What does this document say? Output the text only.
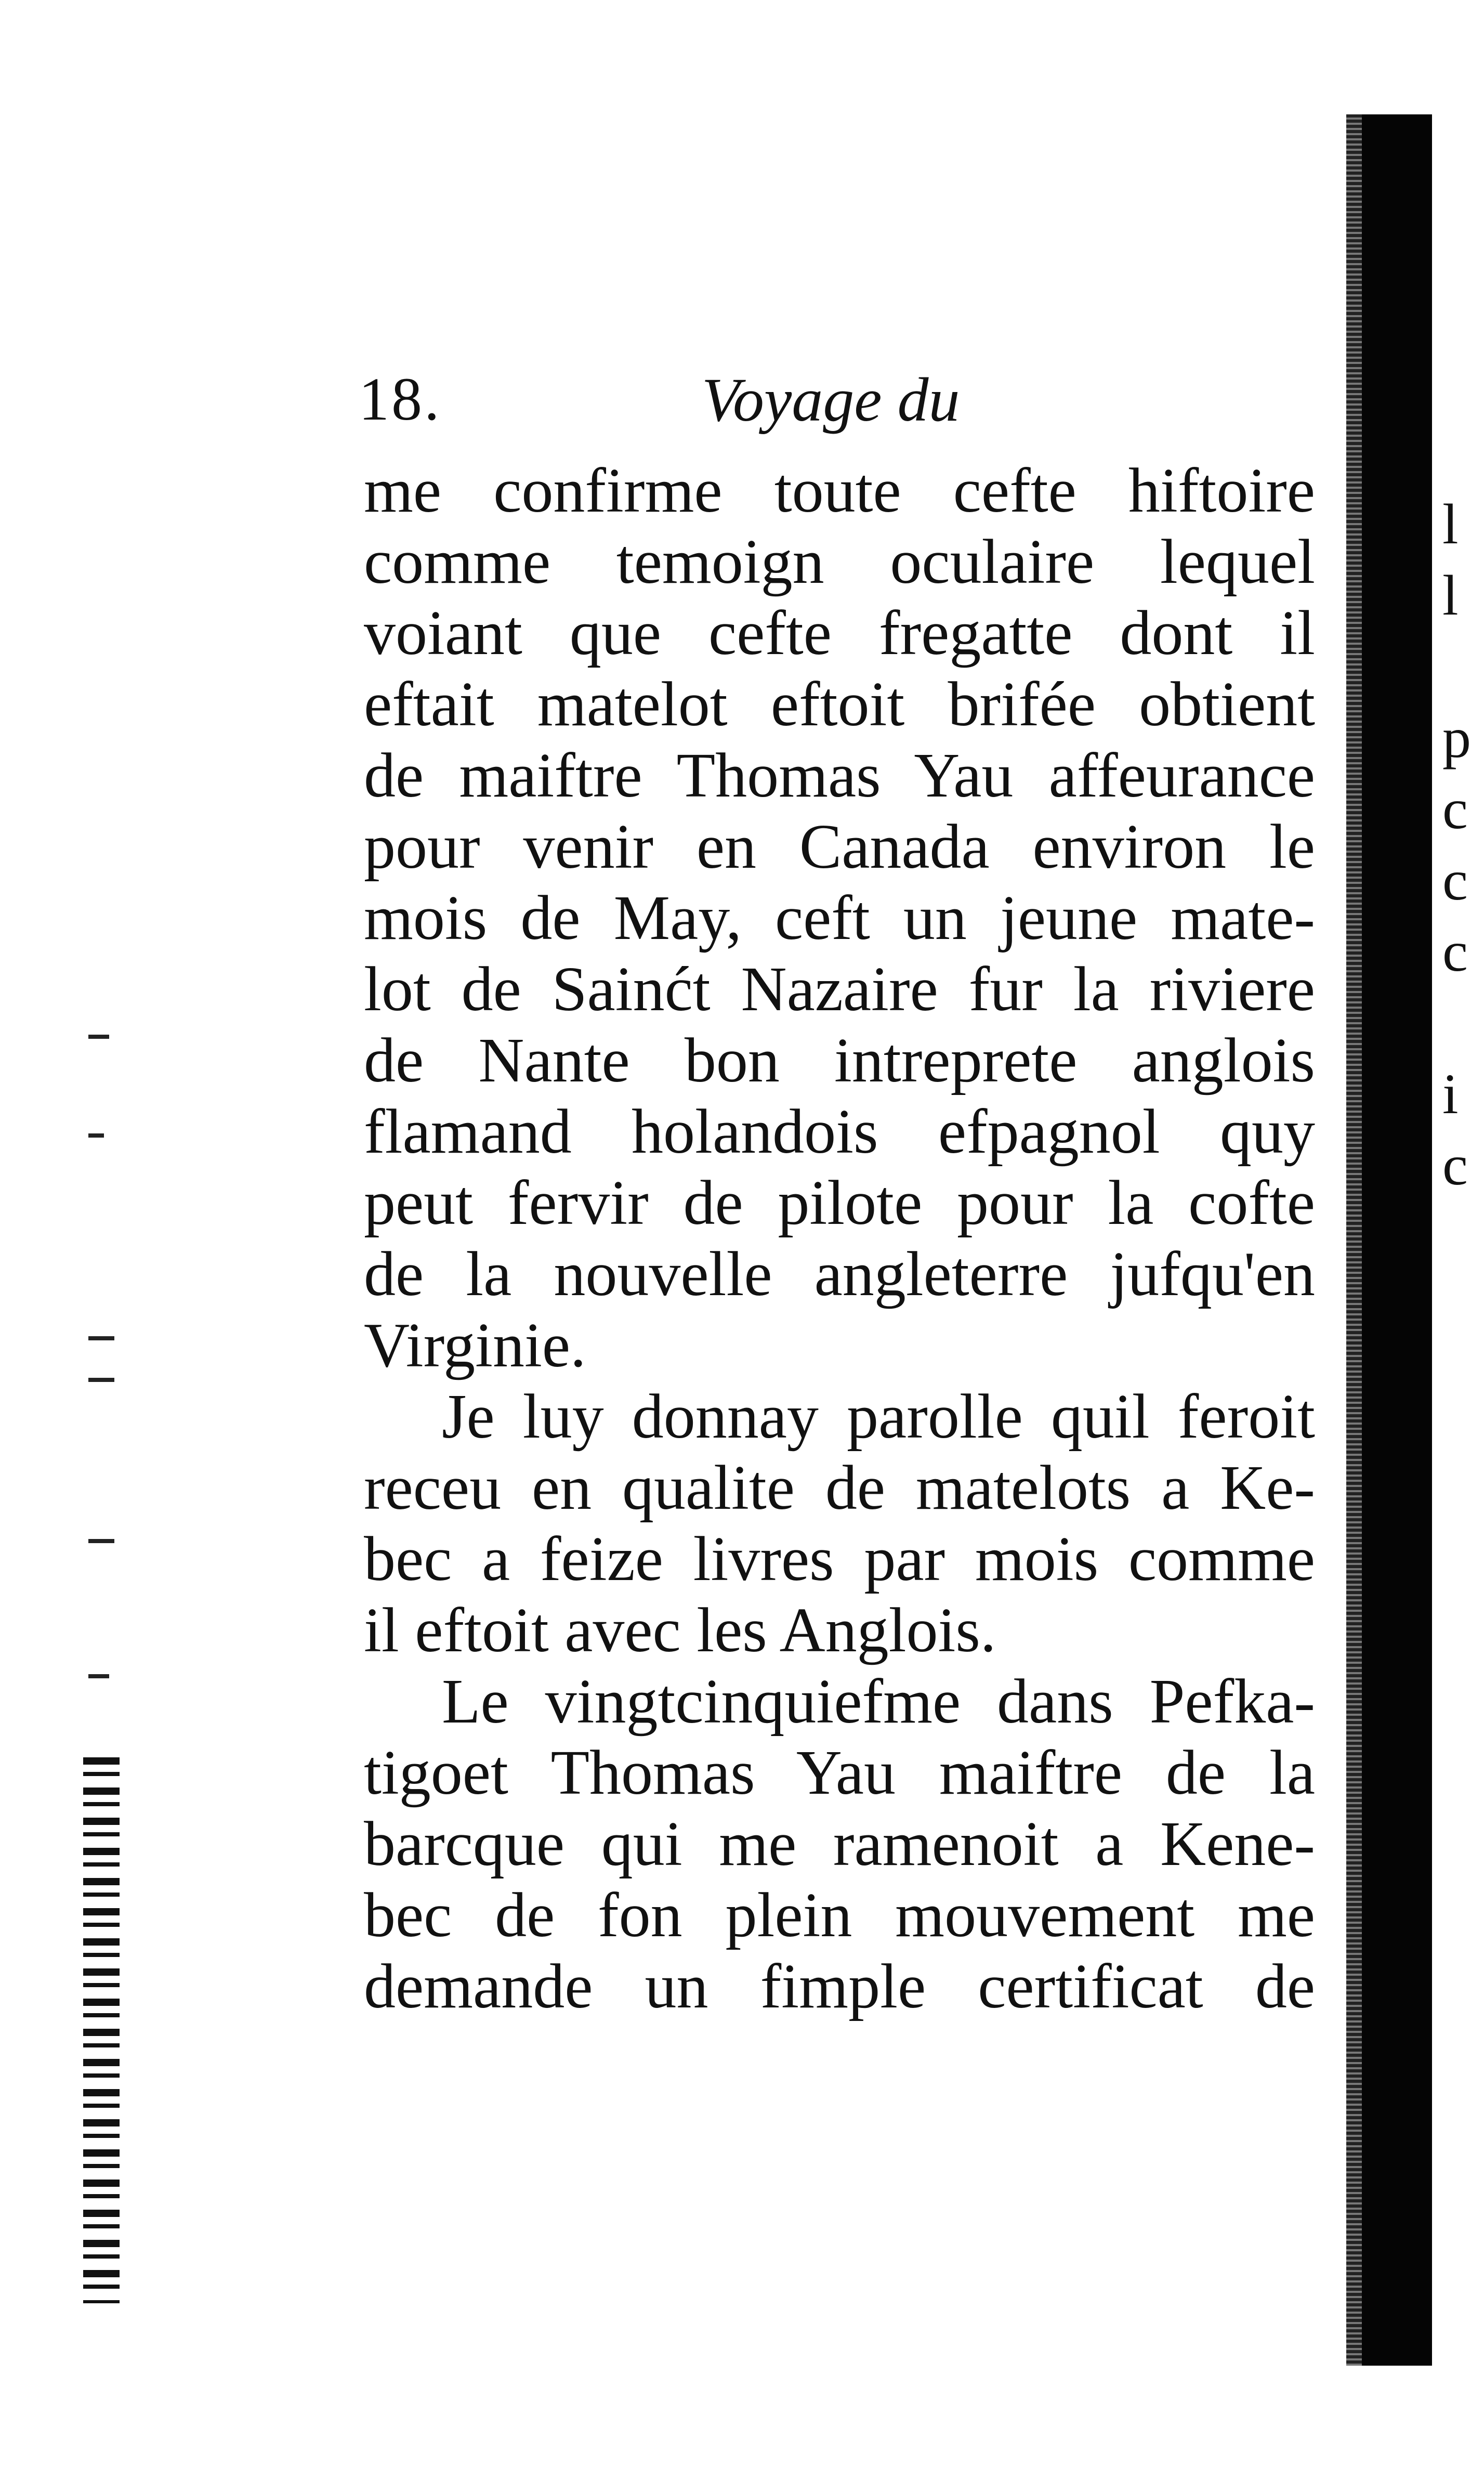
18.	Voyage du
me confirme toute cefte hiftoire
comme temoign oculaire lequel
voiant que cefte fregatte dont il
eftait matelot eftoit brifée obtient
de maiftre Thomas Yau affeurance
pour venir en Canada environ le
mois de May, ceft un jeune mate-
lot de Sainćt Nazaire fur la riviere
de Nante bon intreprete anglois
flamand holandois efpagnol quy
peut fervir de pilote pour la cofte
de la nouvelle angleterre jufqu'en
Virginie.
Je luy donnay parolle quil feroit
receu en qualite de matelots a Ke-
bec a feize livres par mois comme
il eftoit avec les Anglois.
Le vingtcinquiefme dans Pefka-
tigoet Thomas Yau maiftre de la
barcque qui me ramenoit a Kene-
bec de fon plein mouvement me
demande un fimple certificat de
l
l
p
c
c
c
i
c
